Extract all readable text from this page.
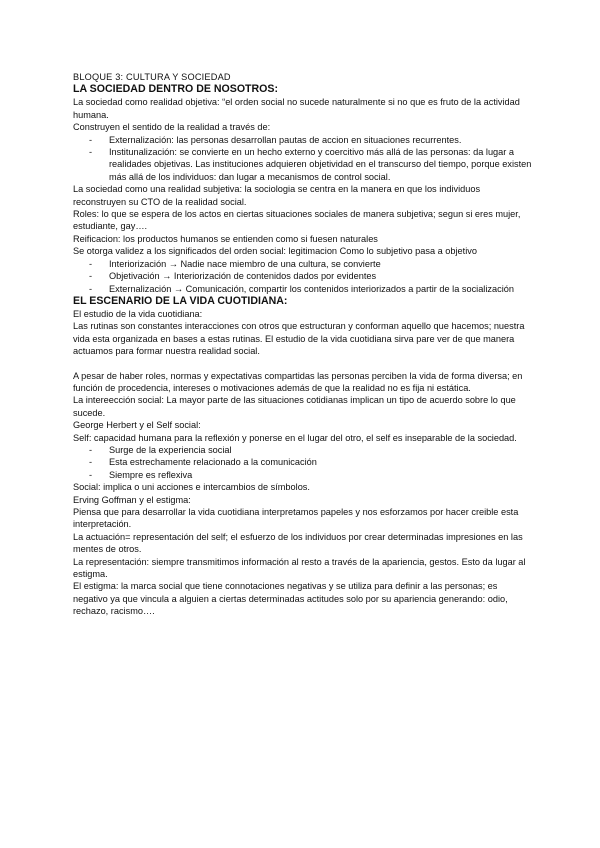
BLOQUE 3: CULTURA Y SOCIEDAD

LA SOCIEDAD DENTRO DE NOSOTROS:

La sociedad como realidad objetiva: “el orden social no sucede naturalmente si no que es fruto de la actividad humana.

Construyen el sentido de la realidad a través de:

- Externalización: las personas desarrollan pautas de accion en situaciones recurrentes.
- Institunalización: se convierte en un hecho externo y coercitivo más allá de las personas: da lugar a realidades objetivas. Las instituciones adquieren objetividad en el transcurso del tiempo, porque existen más allá de los individuos: dan lugar a mecanismos de control social.

La sociedad como una realidad subjetiva: la sociologia se centra en la manera en que los individuos reconstruyen su CTO de la realidad social.

Roles: lo que se espera de los actos en ciertas situaciones sociales de manera subjetiva; segun si eres mujer, estudiante, gay….

Reificacion: los productos humanos se entienden como si fuesen naturales

Se otorga validez a los significados del orden social: legitimacion Como lo subjetivo pasa a objetivo

- Interiorización → Nadie nace miembro de una cultura, se convierte
- Objetivación → Interiorización de contenidos dados por evidentes
- Externalización → Comunicación, compartir los contenidos interiorizados a partir de la socialización

EL ESCENARIO DE LA VIDA CUOTIDIANA:

El estudio de la vida cuotidiana:

Las rutinas son constantes interacciones con otros que estructuran y conforman aquello que hacemos; nuestra vida esta organizada en bases a estas rutinas. El estudio de la vida cuotidiana sirva pare ver de que manera actuamos para formar nuestra realidad social.

A pesar de haber roles, normas y expectativas compartidas las personas perciben la vida de forma diversa; en función de procedencia, intereses o motivaciones además de que la realidad no es fija ni estática.

La intereección social: La mayor parte de las situaciones cotidianas implican un tipo de acuerdo sobre lo que sucede.

George Herbert y el Self social:

Self: capacidad humana para la reflexión y ponerse en el lugar del otro, el self es inseparable de la sociedad.

- Surge de la experiencia social
- Esta estrechamente relacionado a la comunicación
- Siempre es reflexiva

Social: implica o uni acciones e intercambios de símbolos.

Erving Goffman y el estigma:

Piensa que para desarrollar la vida cuotidiana interpretamos papeles y nos esforzamos por hacer creible esta interpretación.

La actuación= representación del self; el esfuerzo de los individuos por crear determinadas impresiones en las mentes de otros.

La representación: siempre transmitimos información al resto a través de la apariencia, gestos. Esto da lugar al estigma.

El estigma: la marca social que tiene connotaciones negativas y se utiliza para definir a las personas; es negativo ya que vincula a alguien a ciertas determinadas actitudes solo por su apariencia generando: odio, rechazo, racismo….
